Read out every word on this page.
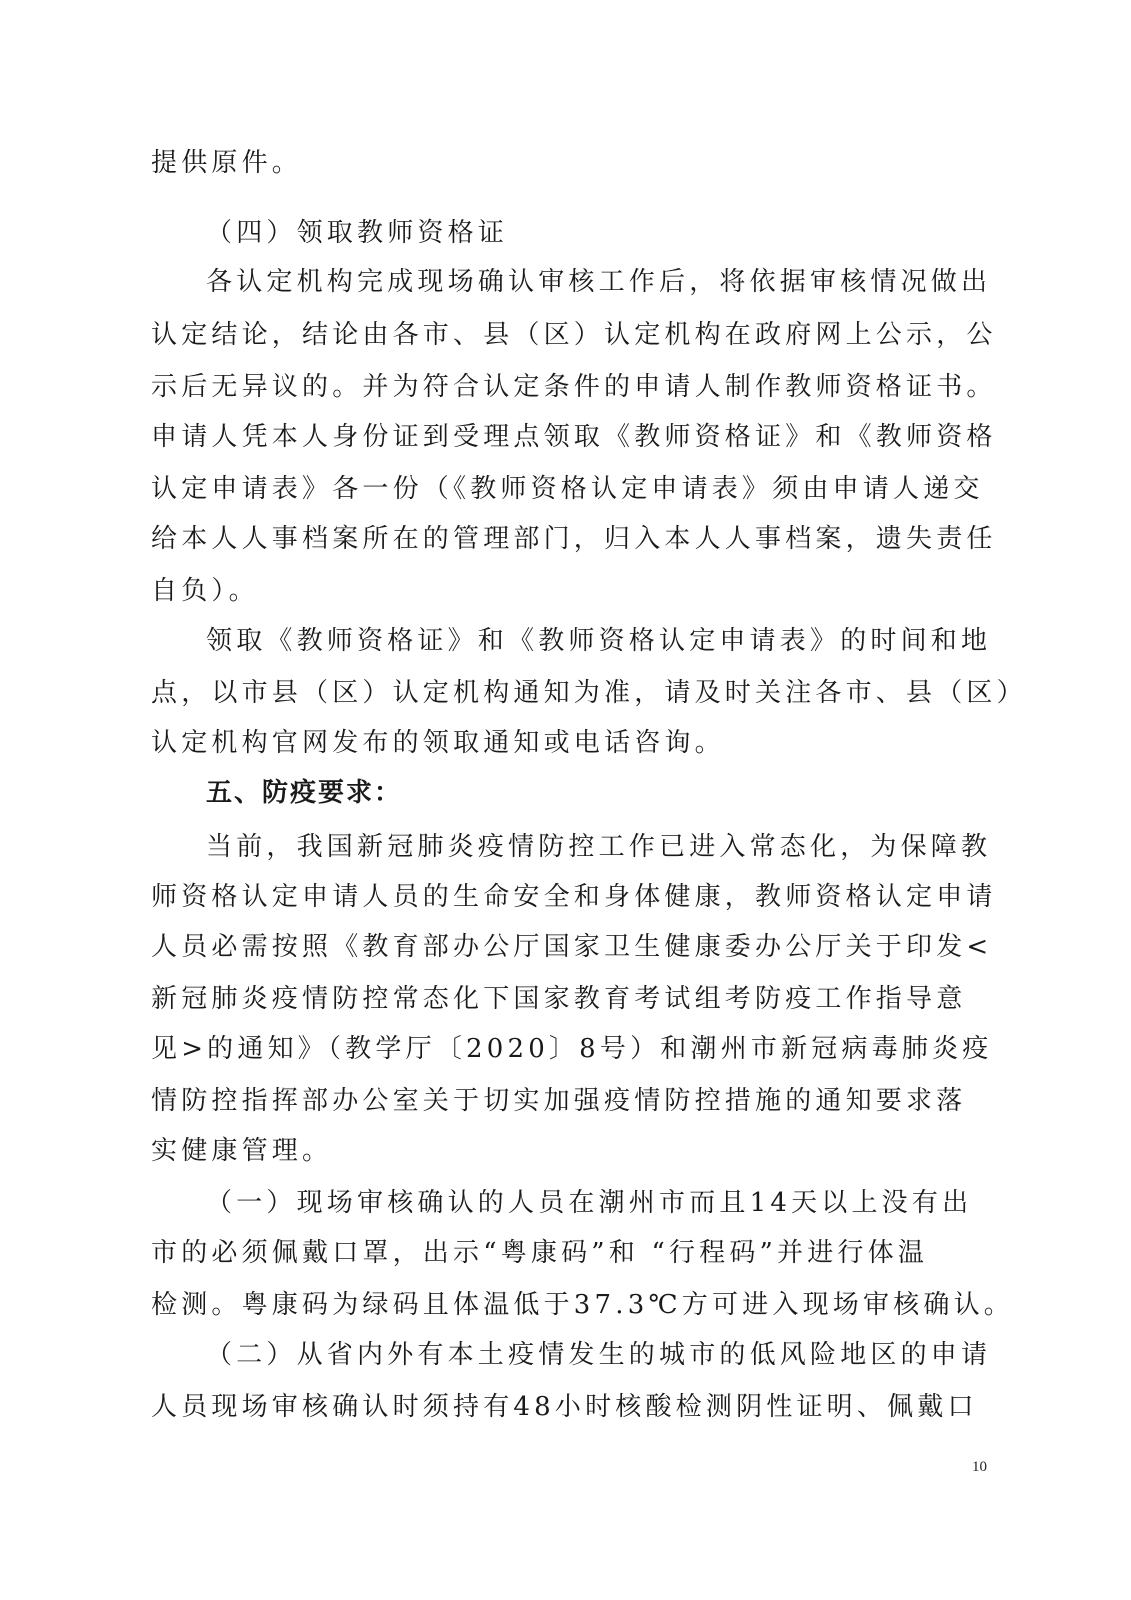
提供原件。
（四）领取教师资格证
各认定机构完成现场确认审核工作后，将依据审核情况做出
认定结论，结论由各市、县（区）认定机构在政府网上公示，公
示后无异议的。并为符合认定条件的申请人制作教师资格证书。
申请人凭本人身份证到受理点领取《教师资格证》和《教师资格
认定申请表》各一份（《教师资格认定申请表》须由申请人递交
给本人人事档案所在的管理部门，归入本人人事档案，遗失责任
自负）。
领取《教师资格证》和《教师资格认定申请表》的时间和地
点，以市县（区）认定机构通知为准，请及时关注各市、县（区）
认定机构官网发布的领取通知或电话咨询。
五、防疫要求：
当前，我国新冠肺炎疫情防控工作已进入常态化，为保障教
师资格认定申请人员的生命安全和身体健康，教师资格认定申请
人员必需按照《教育部办公厅国家卫生健康委办公厅关于印发<
新冠肺炎疫情防控常态化下国家教育考试组考防疫工作指导意
见>的通知》（教学厅〔2020〕8号）和潮州市新冠病毒肺炎疫
情防控指挥部办公室关于切实加强疫情防控措施的通知要求落
实健康管理。
（一）现场审核确认的人员在潮州市而且14天以上没有出
市的必须佩戴口罩，出示“粤康码”和 “行程码”并进行体温
检测。粤康码为绿码且体温低于37.3℃方可进入现场审核确认。
（二）从省内外有本土疫情发生的城市的低风险地区的申请
人员现场审核确认时须持有48小时核酸检测阴性证明、佩戴口
10
